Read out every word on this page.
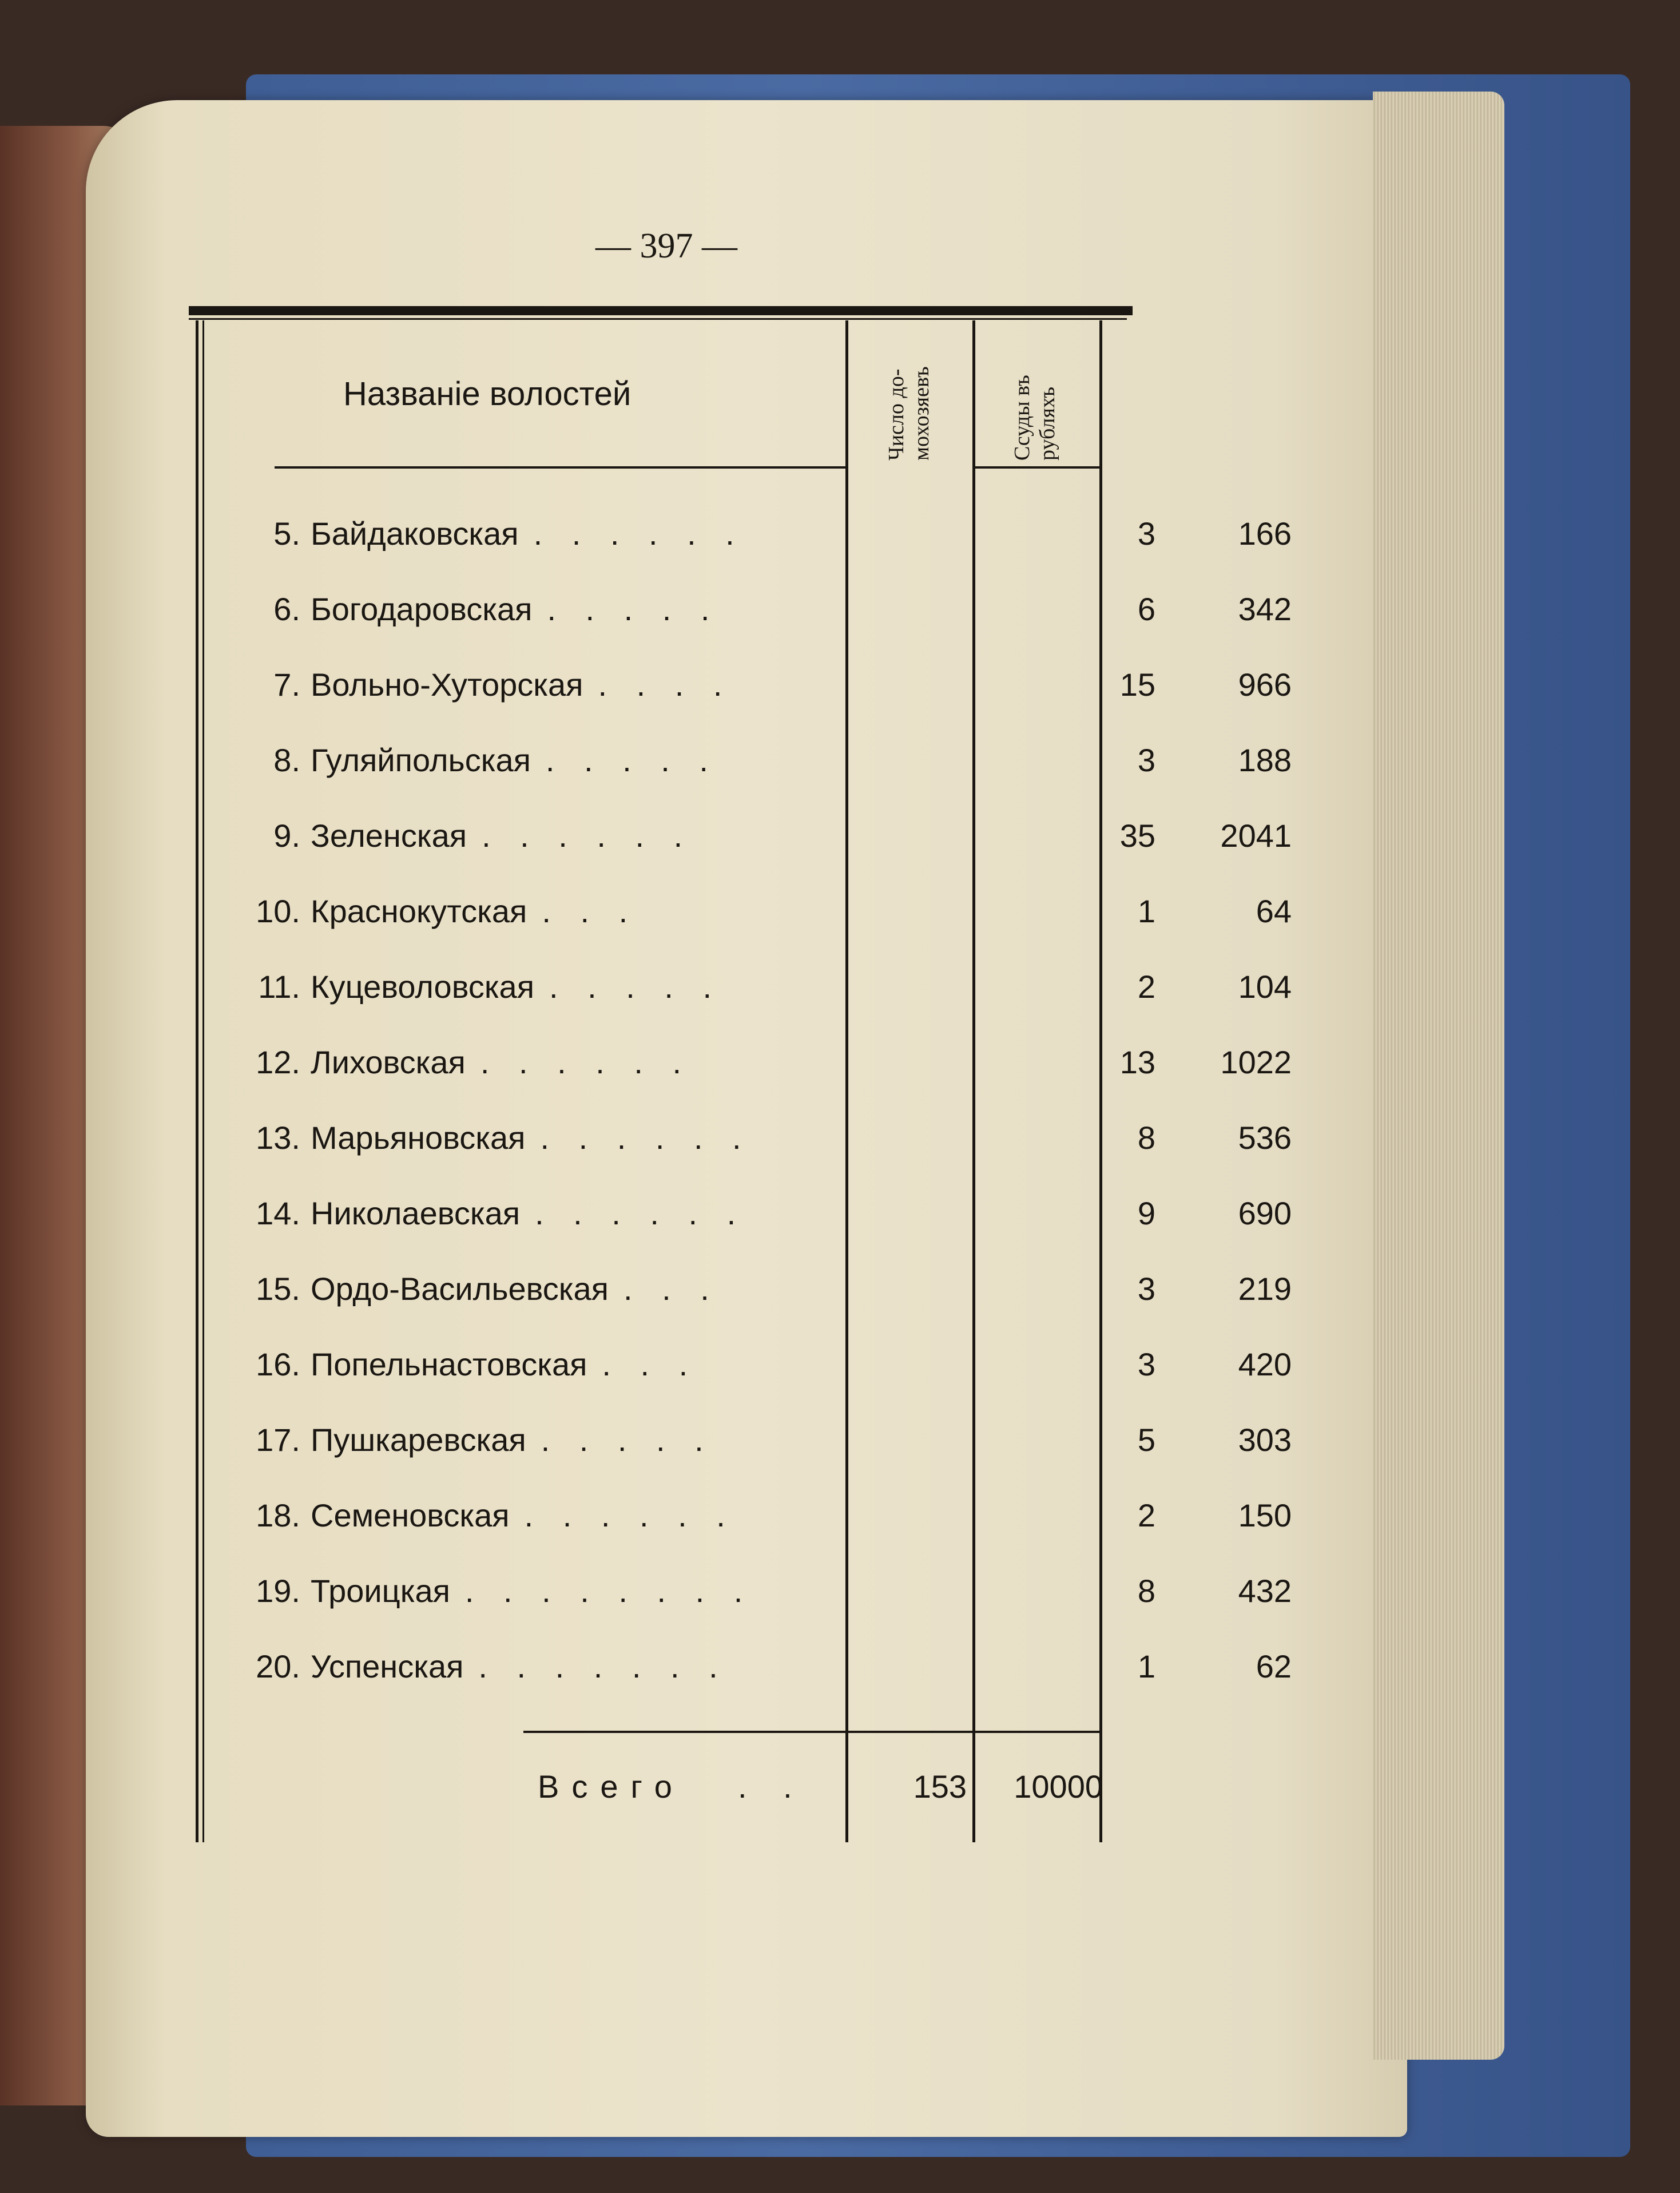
— 397 —
Названіе волостей	Число до- мохозяевъ	Ссуды въ рубляхъ
5. Байдаковская . . . . . .	3	166
6. Богодаровская . . . . .	6	342
7. Вольно-Хуторская . . . .	15	966
8. Гуляйпольская . . . . .	3	188
9. Зеленская . . . . . .	35	2041
10. Краснокутская . . .	1	64
11. Куцеволовская . . . . .	2	104
12. Лиховская . . . . . .	13	1022
13. Марьяновская . . . . . .	8	536
14. Николаевская . . . . . .	9	690
15. Ордо-Васильевская . . .	3	219
16. Попельнастовская . . .	3	420
17. Пушкаревская . . . . .	5	303
18. Семеновская . . . . . .	2	150
19. Троицкая . . . . . . . .	8	432
20. Успенская . . . . . . .	1	62
Всего . .	153	10000
